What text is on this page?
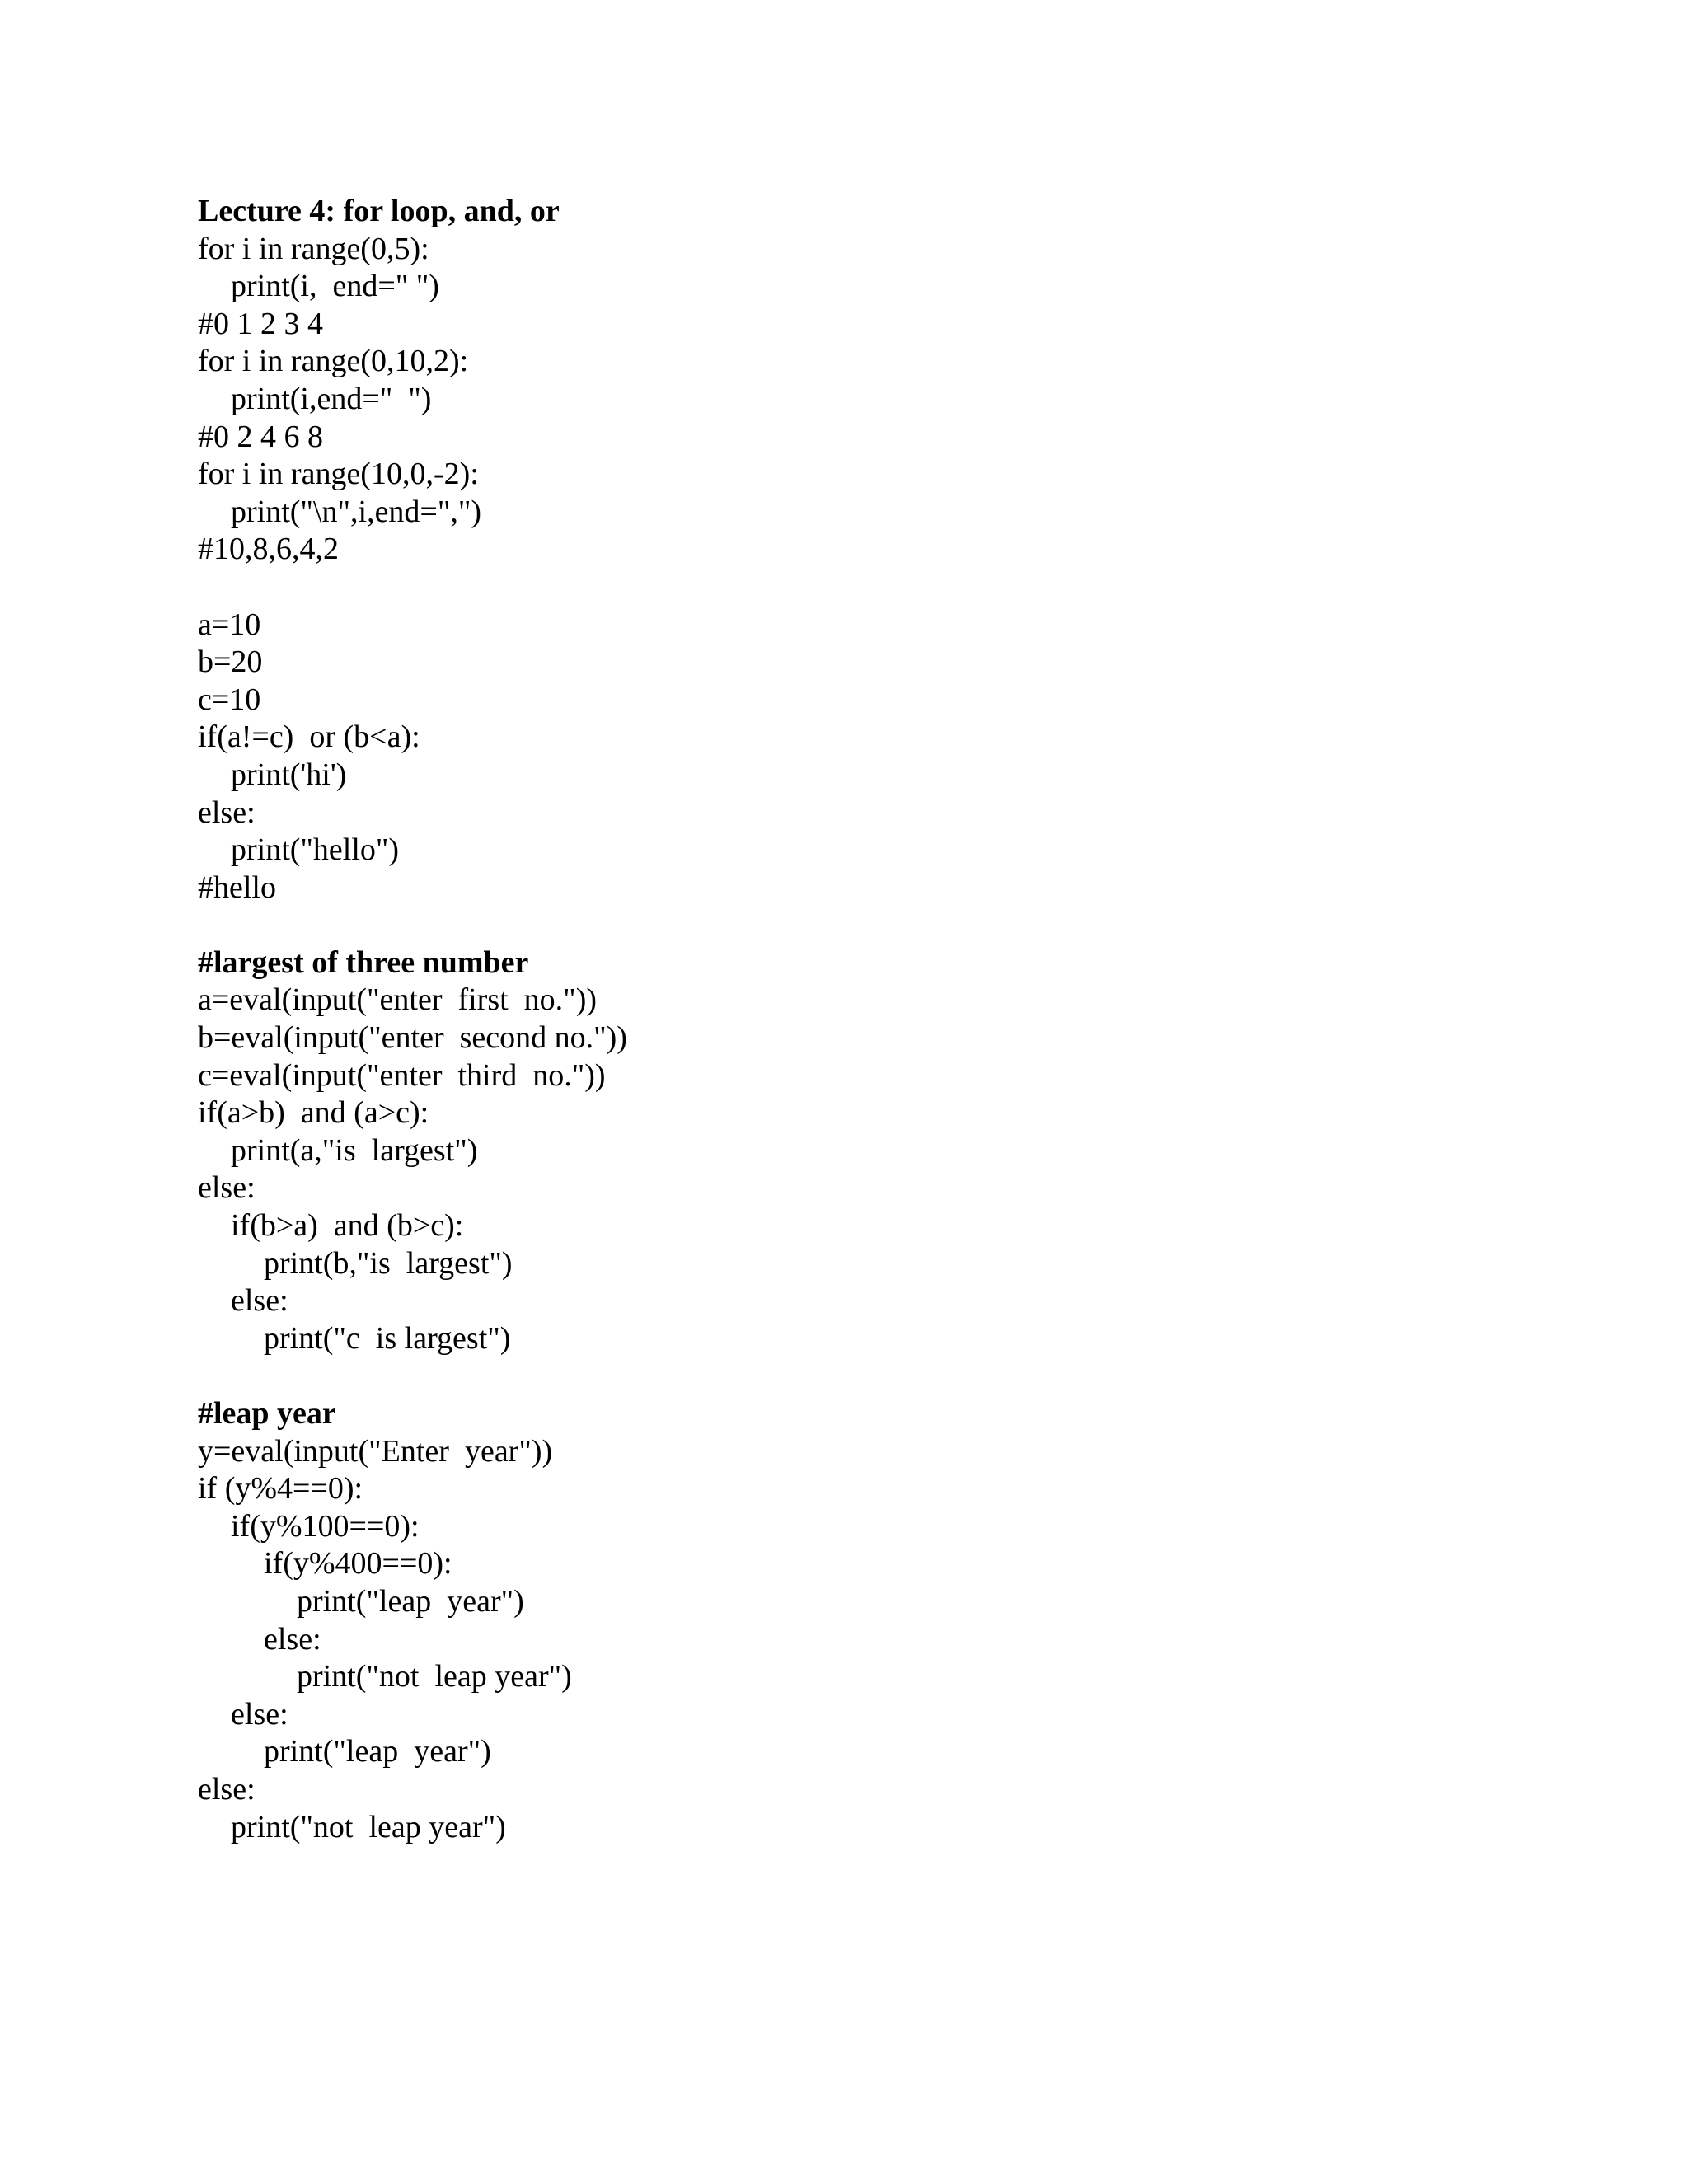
Lecture 4: for loop, and, or
for i in range(0,5):
print(i,  end=" ")
#0 1 2 3 4
for i in range(0,10,2):
print(i,end="  ")
#0 2 4 6 8
for i in range(10,0,-2):
print("\n",i,end=",")
#10,8,6,4,2
a=10
b=20
c=10
if(a!=c)  or (b<a):
print('hi')
else:
print("hello")
#hello
#largest of three number
a=eval(input("enter  first  no."))
b=eval(input("enter  second no."))
c=eval(input("enter  third  no."))
if(a>b)  and (a>c):
print(a,"is  largest")
else:
if(b>a)  and (b>c):
print(b,"is  largest")
else:
print("c  is largest")
#leap year
y=eval(input("Enter  year"))
if (y%4==0):
if(y%100==0):
if(y%400==0):
print("leap  year")
else:
print("not  leap year")
else:
print("leap  year")
else:
print("not  leap year")
